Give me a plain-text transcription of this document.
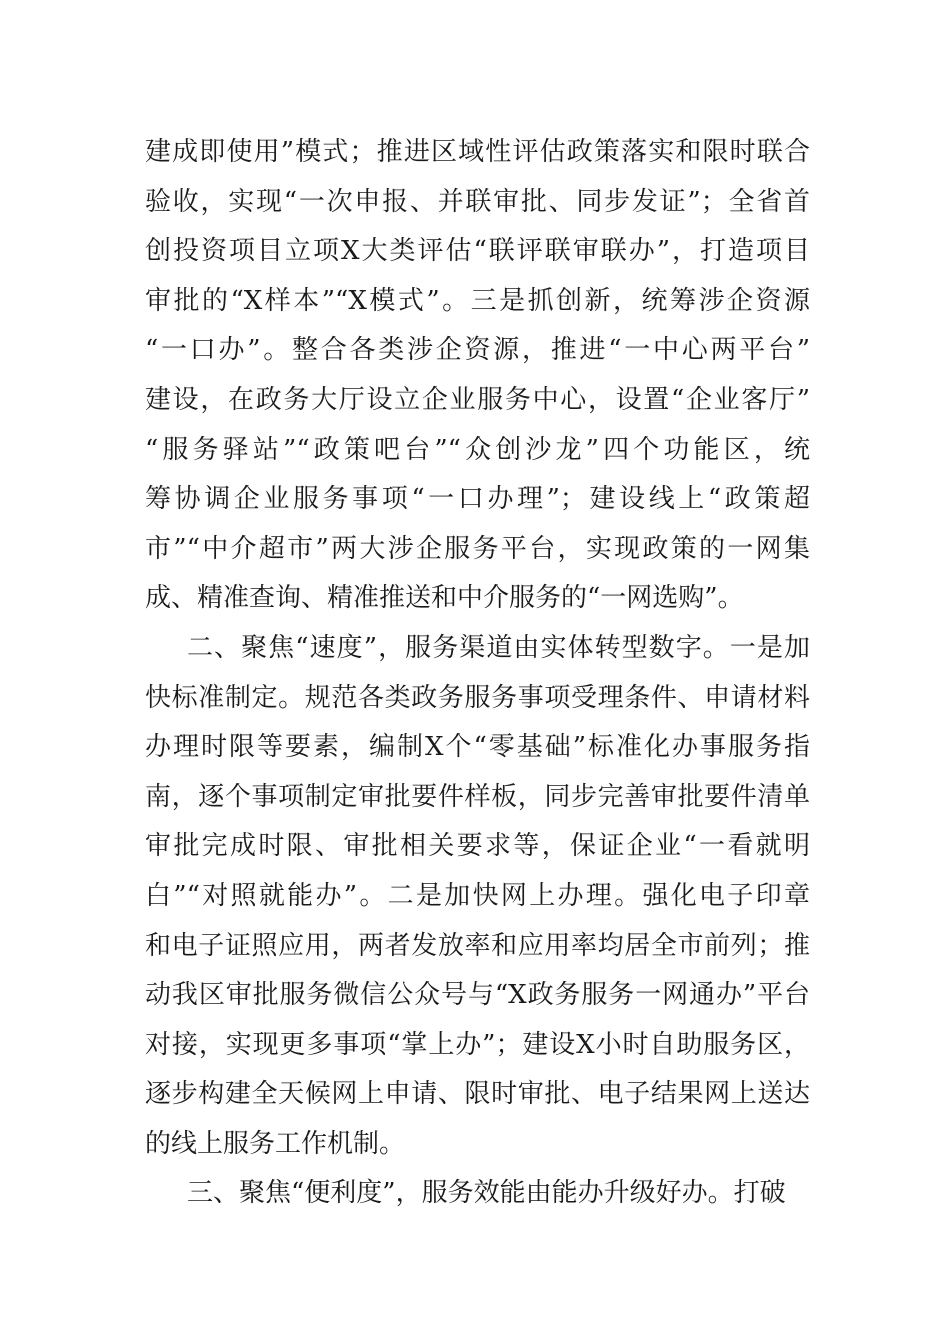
建成即使用”模式；推进区域性评估政策落实和限时联合
验收，实现“一次申报、并联审批、同步发证”；全省首
创投资项目立项X大类评估“联评联审联办”，打造项目
审批的“X样本”“X模式”。三是抓创新，统筹涉企资源
“一口办”。整合各类涉企资源，推进“一中心两平台”
建设，在政务大厅设立企业服务中心，设置“企业客厅”
“服务驿站”“政策吧台”“众创沙龙”四个功能区，统
筹协调企业服务事项“一口办理”；建设线上“政策超
市”“中介超市”两大涉企服务平台，实现政策的一网集
成、精准查询、精准推送和中介服务的“一网选购”。
二、聚焦“速度”，服务渠道由实体转型数字。一是加
快标准制定。规范各类政务服务事项受理条件、申请材料
办理时限等要素，编制X个“零基础”标准化办事服务指
南，逐个事项制定审批要件样板，同步完善审批要件清单
审批完成时限、审批相关要求等，保证企业“一看就明
白”“对照就能办”。二是加快网上办理。强化电子印章
和电子证照应用，两者发放率和应用率均居全市前列；推
动我区审批服务微信公众号与“X政务服务一网通办”平台
对接，实现更多事项“掌上办”；建设X小时自助服务区，
逐步构建全天候网上申请、限时审批、电子结果网上送达
的线上服务工作机制。
三、聚焦“便利度”，服务效能由能办升级好办。打破
